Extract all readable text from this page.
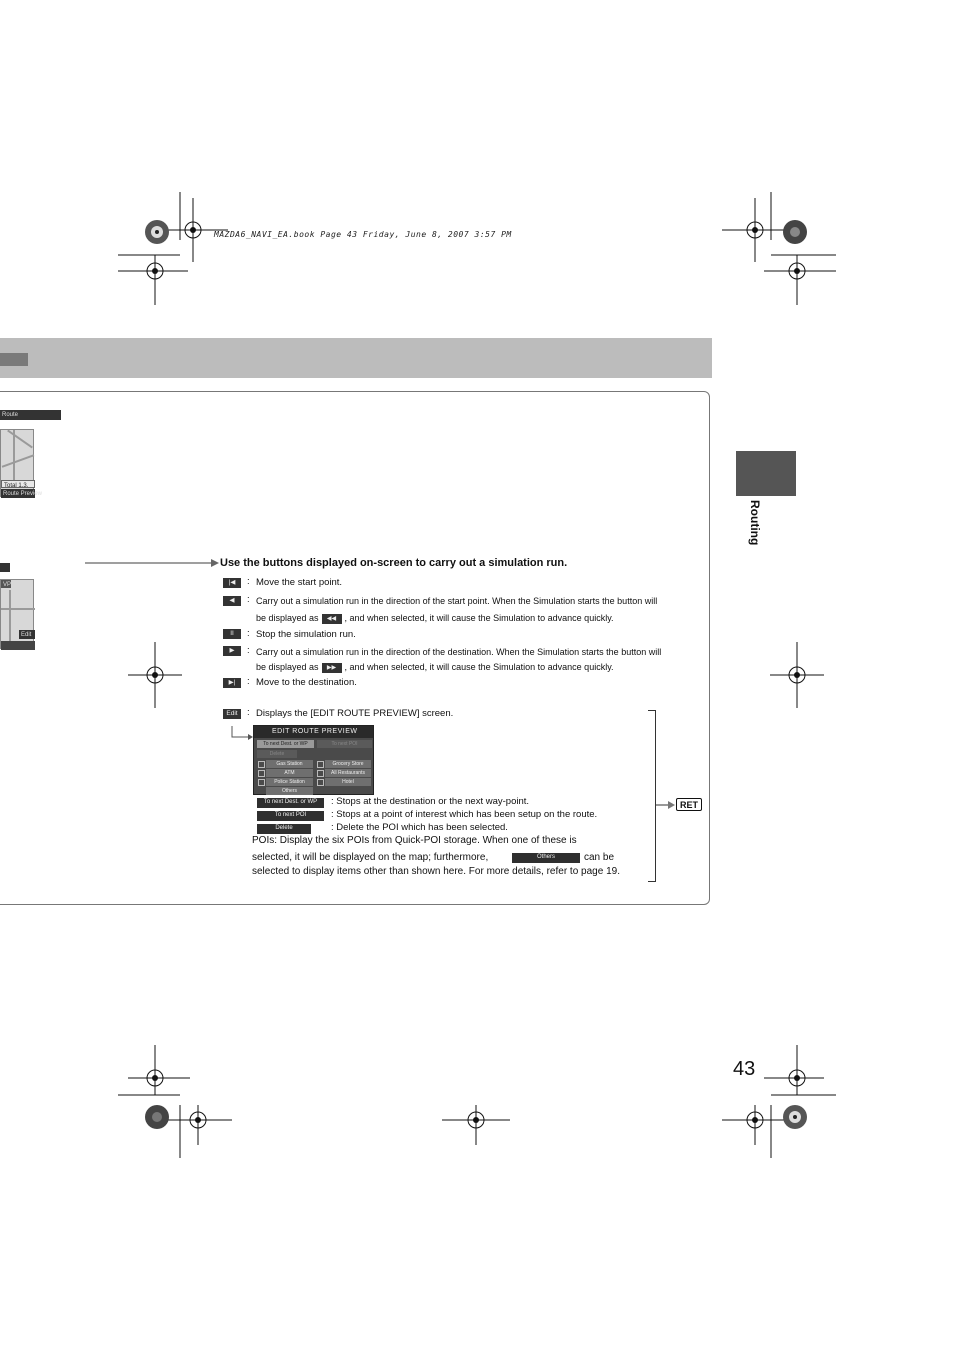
MAZDA6_NAVI_EA.book Page 43 Friday, June 8, 2007 3:57 PM
Routing
Route
Total 1.3.
Route Preview
VP
Edit
Use the buttons displayed on-screen to carry out a simulation run.
|◀	: Move the start point.
◀	: Carry out a simulation run in the direction of the start point. When the Simulation starts the button will
be displayed as ◀◀ , and when selected, it will cause the Simulation to advance quickly.
II	: Stop the simulation run.
▶	: Carry out a simulation run in the direction of the destination. When the Simulation starts the button will
be displayed as ▶▶ , and when selected, it will cause the Simulation to advance quickly.
▶|	: Move to the destination.
Edit : Displays the [EDIT ROUTE PREVIEW] screen.
EDIT ROUTE PREVIEW
To next Dest. or WP	To next POI
Delete
Gas Station
ATM
Police Station
Others
Grocery Store
All Restaurants
Hotel
To next Dest. or WP	: Stops at the destination or the next way-point.
To next POI	: Stops at a point of interest which has been setup on the route.
Delete	: Delete the POI which has been selected.
POIs: Display the six POIs from Quick-POI storage. When one of these is
selected, it will be displayed on the map; furthermore,	Others	can be
selected to display items other than shown here. For more details, refer to page 19.
RET
43
